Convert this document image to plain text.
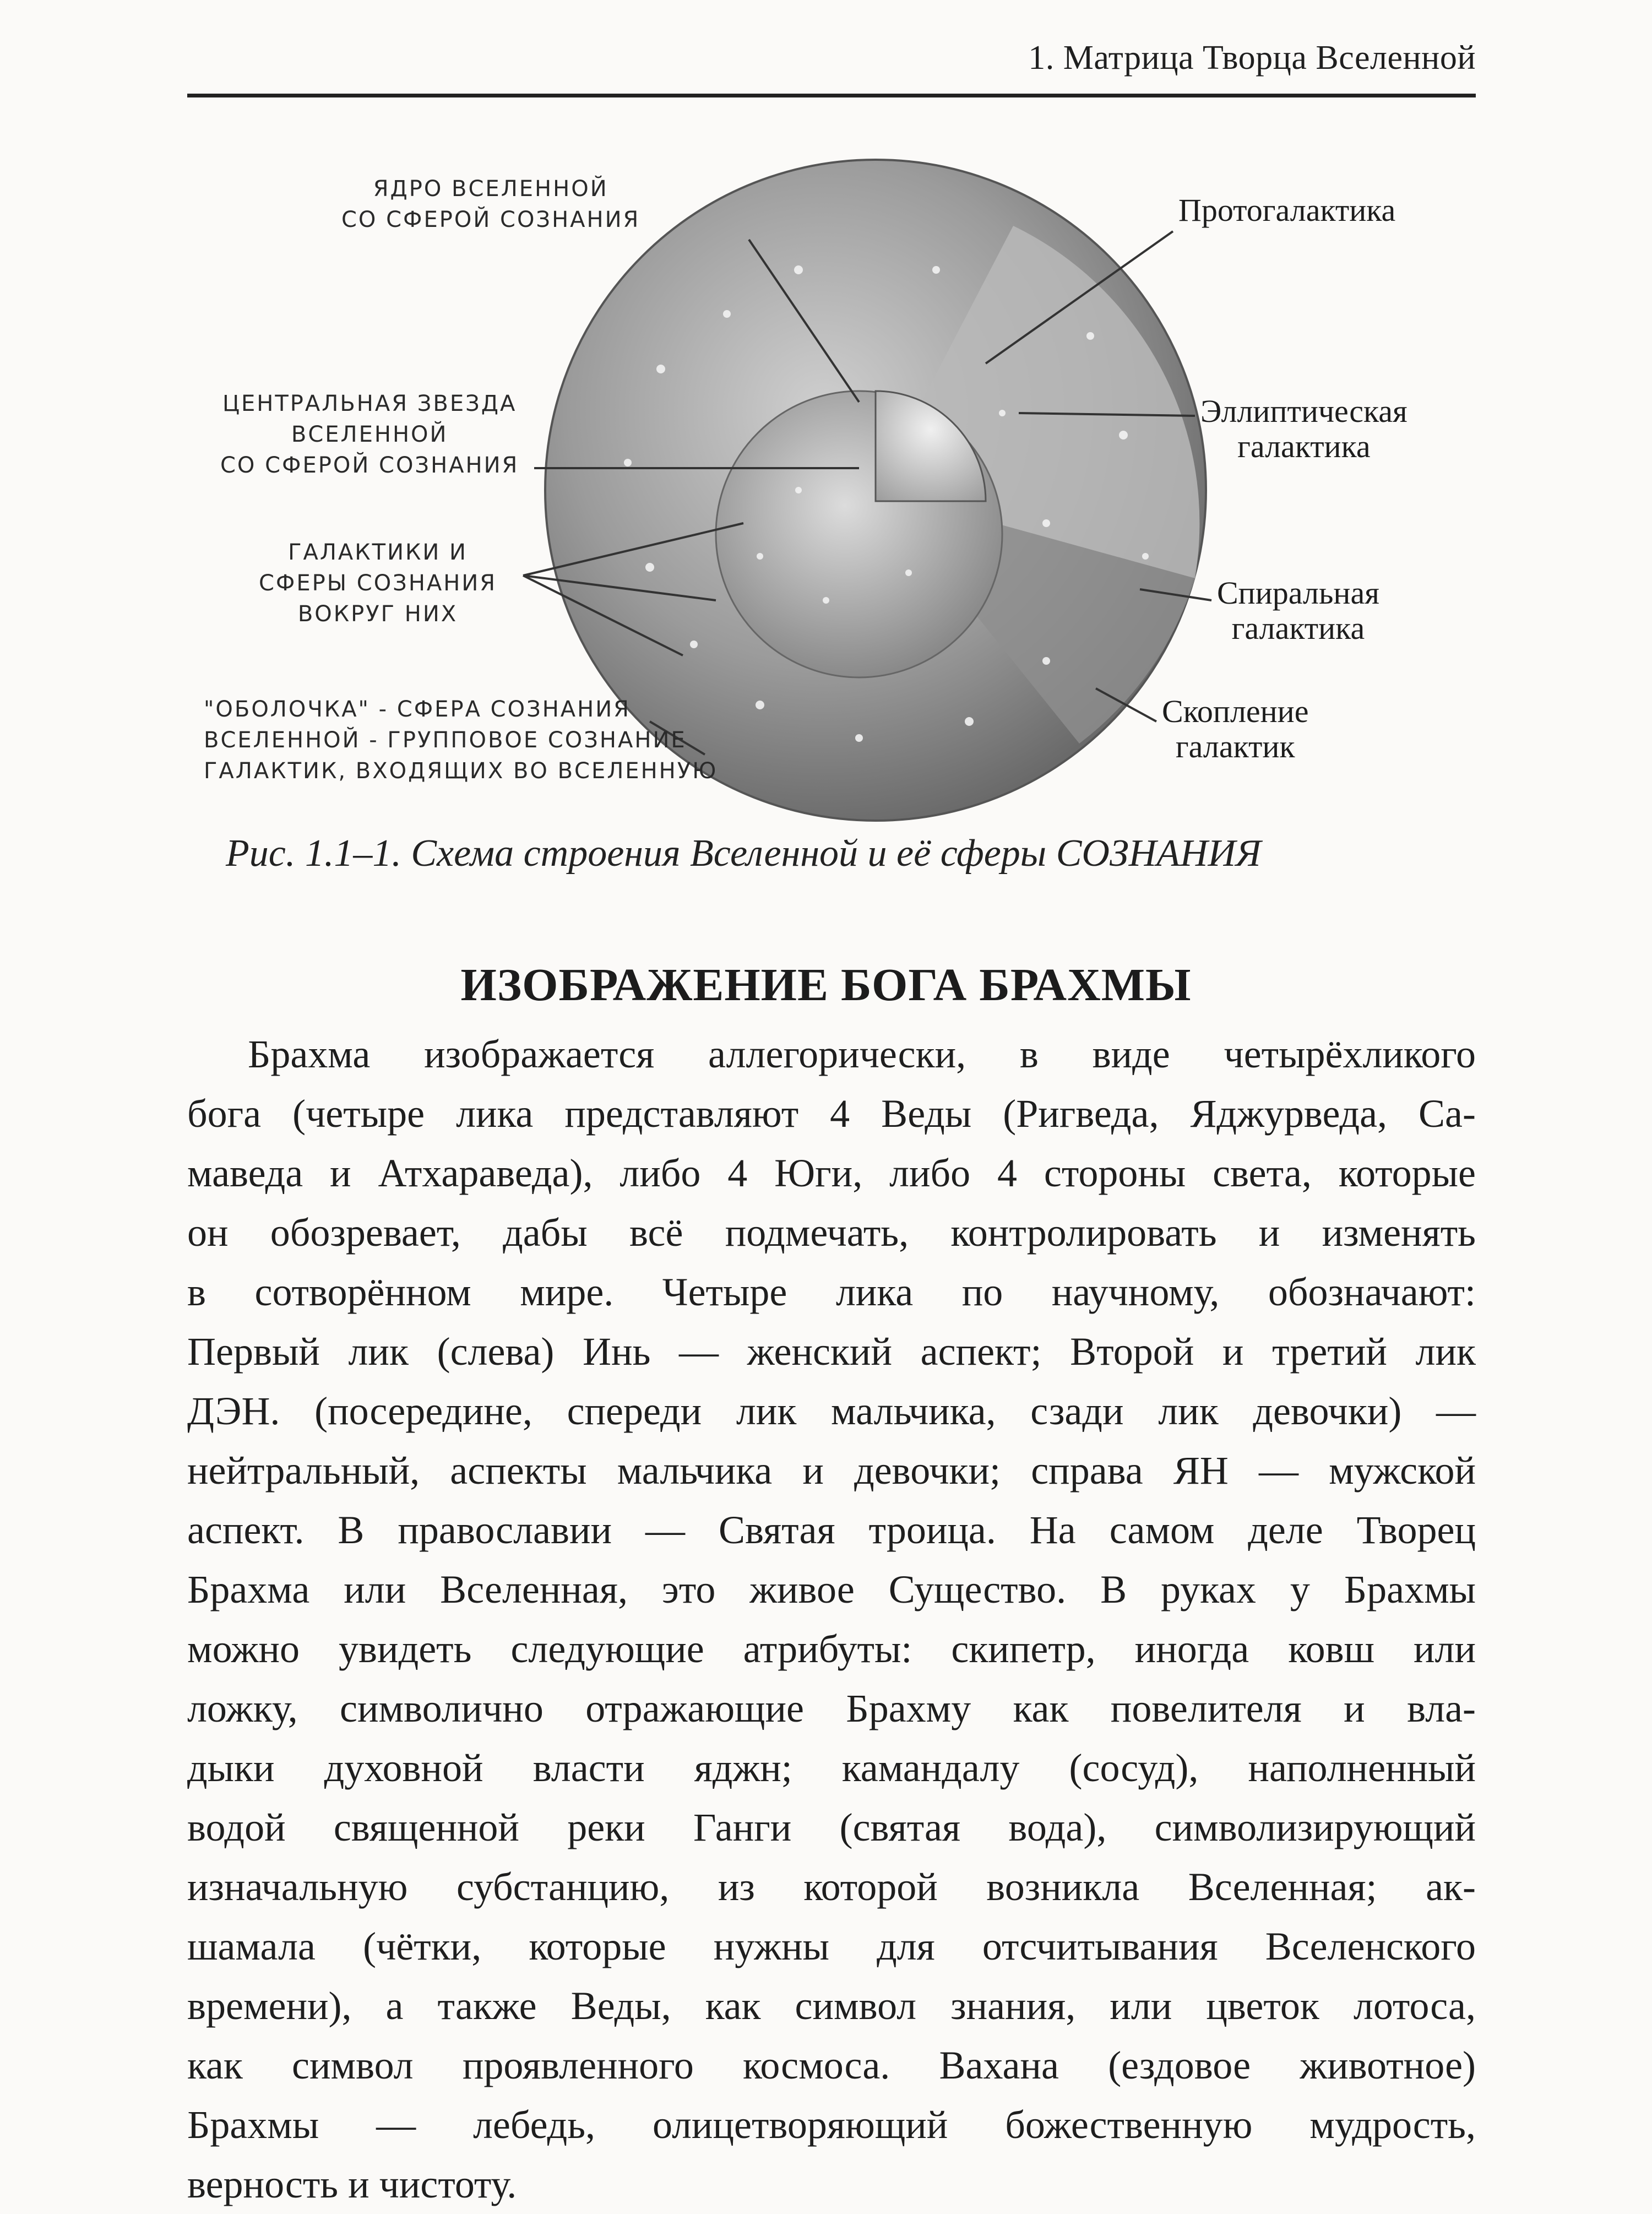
1. Матрица Творца Вселенной
ЯДРО ВСЕЛЕННОЙ
СО СФЕРОЙ СОЗНАНИЯ
ЦЕНТРАЛЬНАЯ ЗВЕЗДА
ВСЕЛЕННОЙ
СО СФЕРОЙ СОЗНАНИЯ
ГАЛАКТИКИ И
СФЕРЫ СОЗНАНИЯ
ВОКРУГ НИХ
"ОБОЛОЧКА" - СФЕРА СОЗНАНИЯ
ВСЕЛЕННОЙ - ГРУППОВОЕ СОЗНАНИЕ
ГАЛАКТИК, ВХОДЯЩИХ ВО ВСЕЛЕННУЮ
Протогалактика
Эллиптическая
галактика
Спиральная
галактика
Скопление
галактик
Рис. 1.1–1. Схема строения Вселенной и её сферы СОЗНАНИЯ
ИЗОБРАЖЕНИЕ БОГА БРАХМЫ
Брахма изображается аллегорически, в виде четырёхликого
бога (четыре лика представляют 4 Веды (Ригведа, Яджурведа, Са-
маведа и Атхараведа), либо 4 Юги, либо 4 стороны света, которые
он обозревает, дабы всё подмечать, контролировать и изменять
в сотворённом мире. Четыре лика по научному, обозначают:
Первый лик (слева) Инь — женский аспект; Второй и третий лик
ДЭН. (посередине, спереди лик мальчика, сзади лик девочки) —
нейтральный, аспекты мальчика и девочки; справа ЯН — мужской
аспект. В православии — Святая троица. На самом деле Творец
Брахма или Вселенная, это живое Существо. В руках у Брахмы
можно увидеть следующие атрибуты: скипетр, иногда ковш или
ложку, символично отражающие Брахму как повелителя и вла-
дыки духовной власти яджн; камандалу (сосуд), наполненный
водой священной реки Ганги (святая вода), символизирующий
изначальную субстанцию, из которой возникла Вселенная; ак-
шамала (чётки, которые нужны для отсчитывания Вселенского
времени), а также Веды, как символ знания, или цветок лотоса,
как символ проявленного космоса. Вахана (ездовое животное)
Брахмы — лебедь, олицетворяющий божественную мудрость,
верность и чистоту.
